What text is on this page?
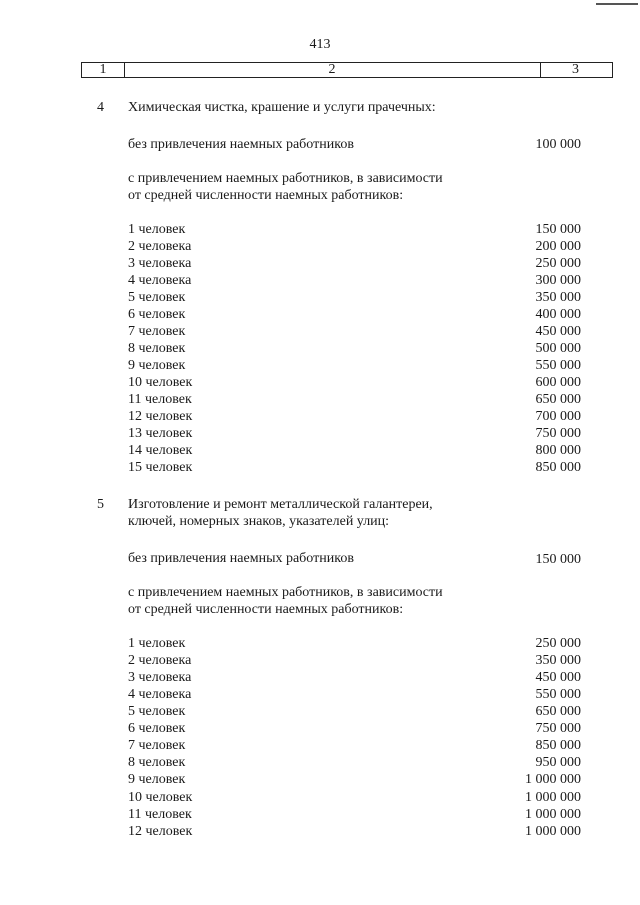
413
1	2	3
4 Химическая чистка, крашение и услуги прачечных:
без привлечения наемных работников	100 000
с привлечением наемных работников, в зависимости
от средней численности наемных работников:
1 человек	150 000
2 человека	200 000
3 человека	250 000
4 человека	300 000
5 человек	350 000
6 человек	400 000
7 человек	450 000
8 человек	500 000
9 человек	550 000
10 человек	600 000
11 человек	650 000
12 человек	700 000
13 человек	750 000
14 человек	800 000
15 человек	850 000
5 Изготовление и ремонт металлической галантереи,
ключей, номерных знаков, указателей улиц:
без привлечения наемных работников	150 000
с привлечением наемных работников, в зависимости
от средней численности наемных работников:
1 человек	250 000
2 человека	350 000
3 человека	450 000
4 человека	550 000
5 человек	650 000
6 человек	750 000
7 человек	850 000
8 человек	950 000
9 человек	1 000 000
10 человек	1 000 000
11 человек	1 000 000
12 человек	1 000 000
